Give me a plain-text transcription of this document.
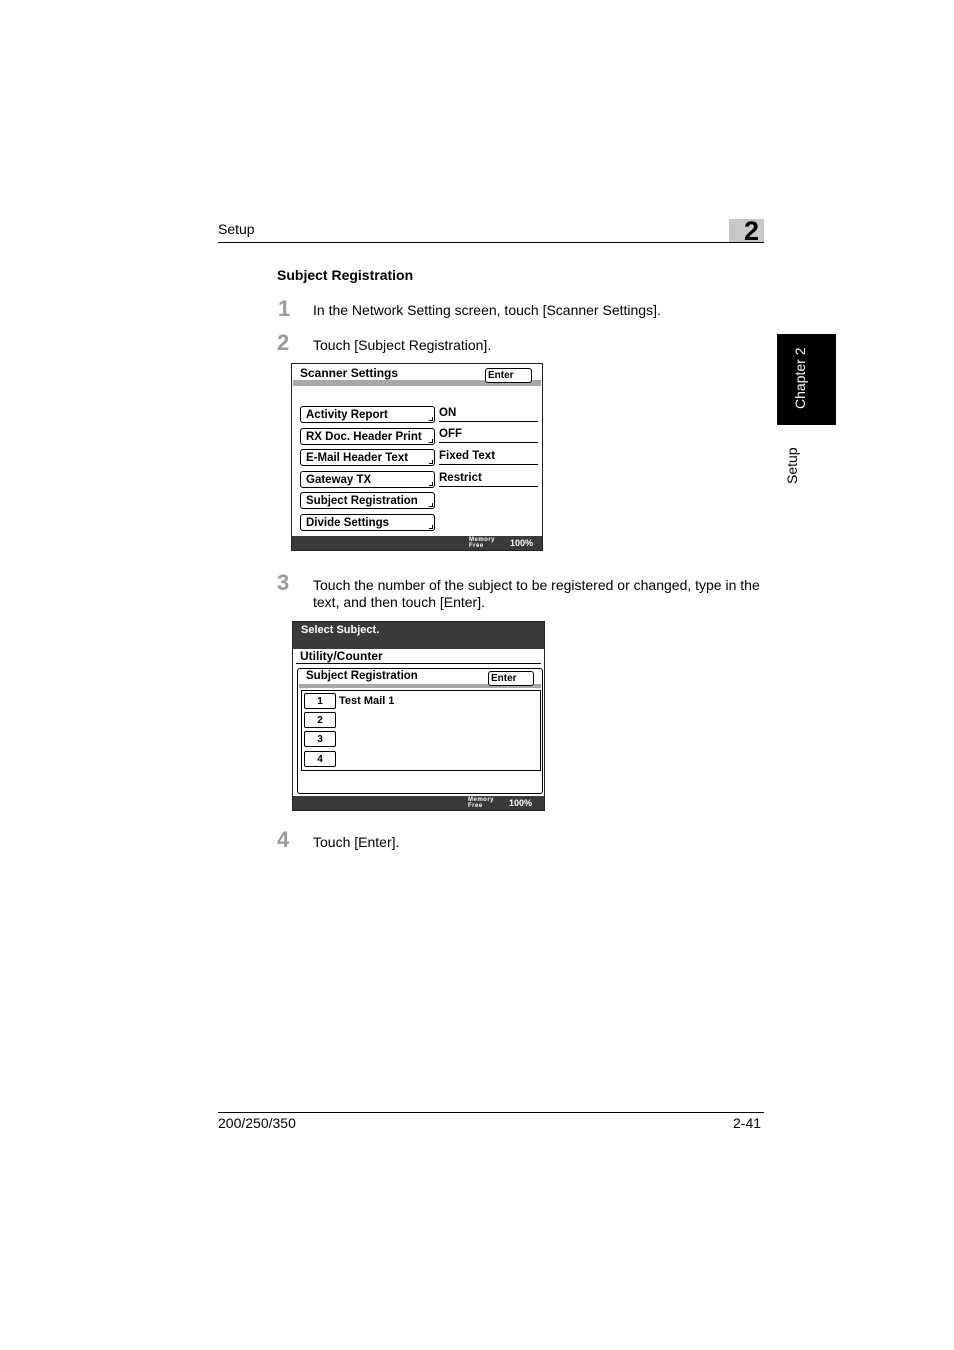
Setup	2
Chapter 2
Setup
Subject Registration
1 In the Network Setting screen, touch [Scanner Settings].
2 Touch [Subject Registration].
Scanner Settings	Enter
Activity Report	ON
RX Doc. Header Print	OFF
E-Mail Header Text	Fixed Text
Gateway TX	Restrict
Subject Registration
Divide Settings
Memory
Free	100%
3 Touch the number of the subject to be registered or changed, type in the text, and then touch [Enter].
Select Subject.
Utility/Counter
Subject Registration	Enter
1	Test Mail 1
2
3
4
Memory
Free	100%
4 Touch [Enter].
200/250/350	2-41
